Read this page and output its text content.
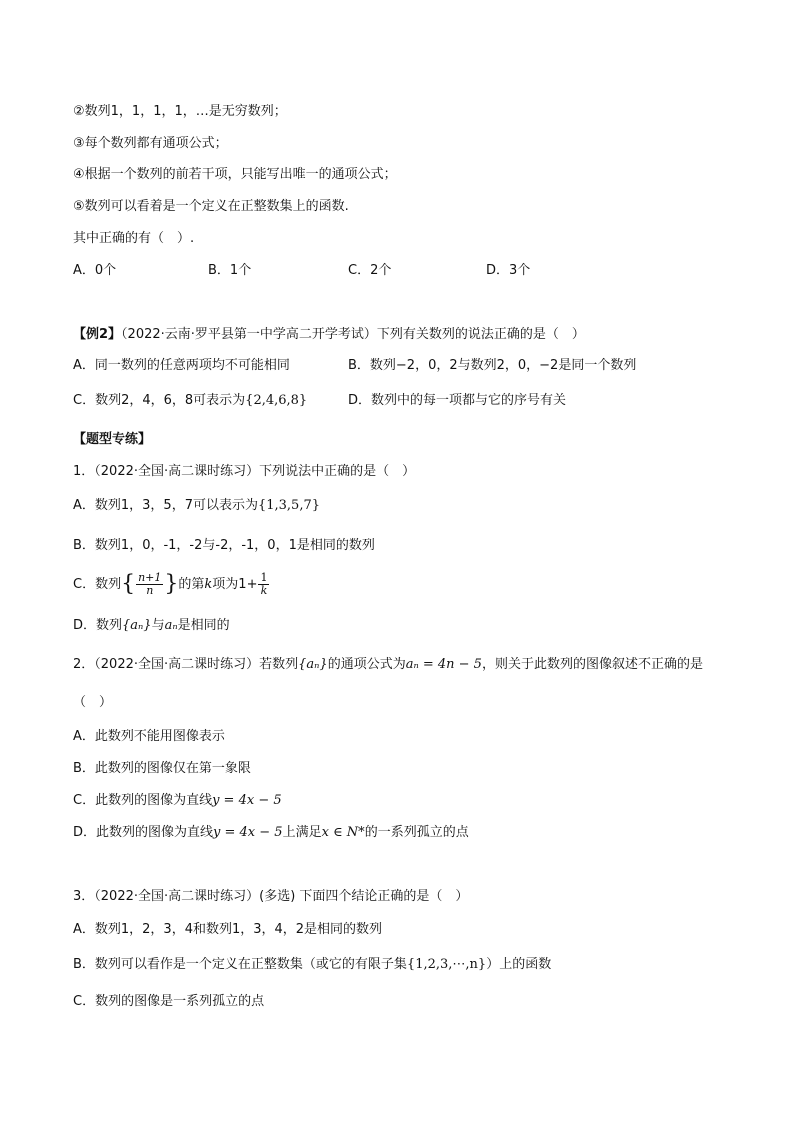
②数列1，1，1，1，…是无穷数列；
③每个数列都有通项公式；
④根据一个数列的前若干项，只能写出唯一的通项公式；
⑤数列可以看着是一个定义在正整数集上的函数.
其中正确的有（　）.
A．0个	B．1个	C．2个	D．3个
【例2】（2022·云南·罗平县第一中学高二开学考试）下列有关数列的说法正确的是（　）
A．同一数列的任意两项均不可能相同	B．数列−2，0，2与数列2，0，−2是同一个数列
C．数列2，4，6，8可表示为{2,4,6,8}	D．数列中的每一项都与它的序号有关
【题型专练】
1．（2022·全国·高二课时练习）下列说法中正确的是（　）
A．数列1，3，5，7可以表示为{1,3,5,7}
B．数列1，0，-1，-2与-2，-1，0，1是相同的数列
C．数列{ $\frac{n+1}{n}$ }的第k项为$1+ \frac{1}{k}$
D．数列{aₙ}与aₙ是相同的
2．（2022·全国·高二课时练习）若数列{aₙ}的通项公式为aₙ = 4n − 5，则关于此数列的图像叙述不正确的是
（　）
A．此数列不能用图像表示
B．此数列的图像仅在第一象限
C．此数列的图像为直线y = 4x − 5
D．此数列的图像为直线y = 4x − 5上满足x ∈ N*的一系列孤立的点
3．（2022·全国·高二课时练习）(多选) 下面四个结论正确的是（　）
A．数列1，2，3，4和数列1，3，4，2是相同的数列
B．数列可以看作是一个定义在正整数集（或它的有限子集{1,2,3,⋯,n}）上的函数
C．数列的图像是一系列孤立的点
